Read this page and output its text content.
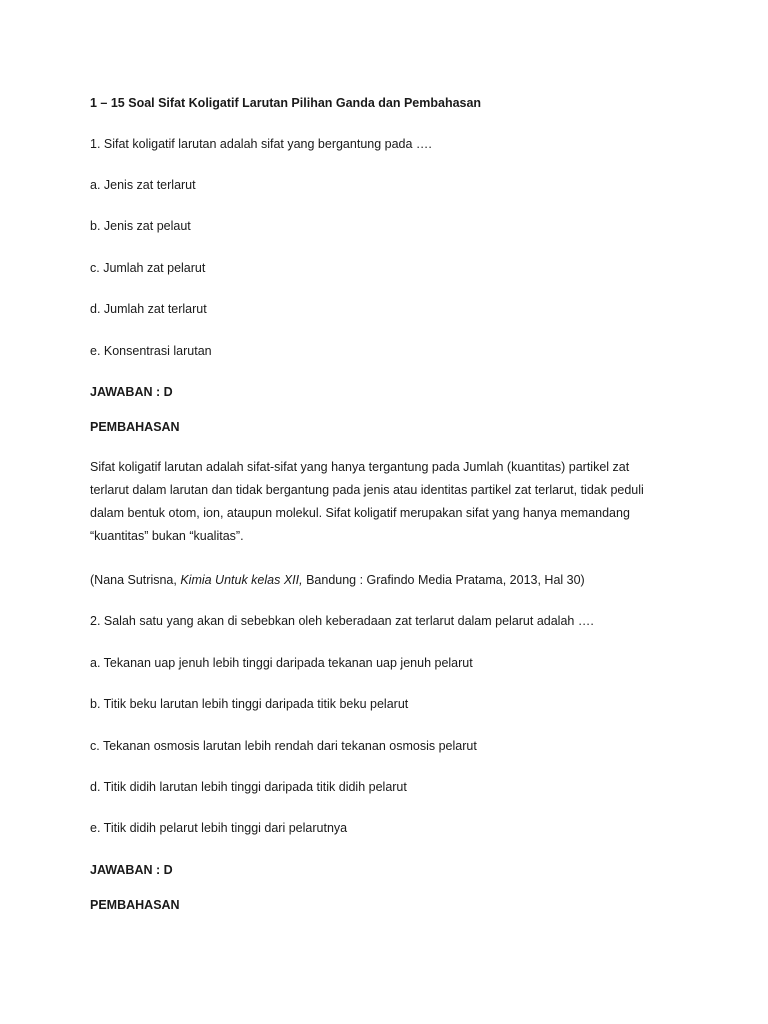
1 – 15 Soal Sifat Koligatif Larutan Pilihan Ganda dan Pembahasan

1. Sifat koligatif larutan adalah sifat yang bergantung pada ….

a. Jenis zat terlarut

b. Jenis zat pelaut

c. Jumlah zat pelarut

d. Jumlah zat terlarut

e. Konsentrasi larutan

JAWABAN : D

PEMBAHASAN

Sifat koligatif larutan adalah sifat-sifat yang hanya tergantung pada Jumlah (kuantitas) partikel zat
terlarut dalam larutan dan tidak bergantung pada jenis atau identitas partikel zat terlarut, tidak peduli
dalam bentuk otom, ion, ataupun molekul. Sifat koligatif merupakan sifat yang hanya memandang
“kuantitas” bukan “kualitas”.

(Nana Sutrisna, Kimia Untuk kelas XII, Bandung : Grafindo Media Pratama, 2013, Hal 30)

2. Salah satu yang akan di sebebkan oleh keberadaan zat terlarut dalam pelarut adalah ….

a. Tekanan uap jenuh lebih tinggi daripada tekanan uap jenuh pelarut

b. Titik beku larutan lebih tinggi daripada titik beku pelarut

c. Tekanan osmosis larutan lebih rendah dari tekanan osmosis pelarut

d. Titik didih larutan lebih tinggi daripada titik didih pelarut

e. Titik didih pelarut lebih tinggi dari pelarutnya

JAWABAN : D

PEMBAHASAN
